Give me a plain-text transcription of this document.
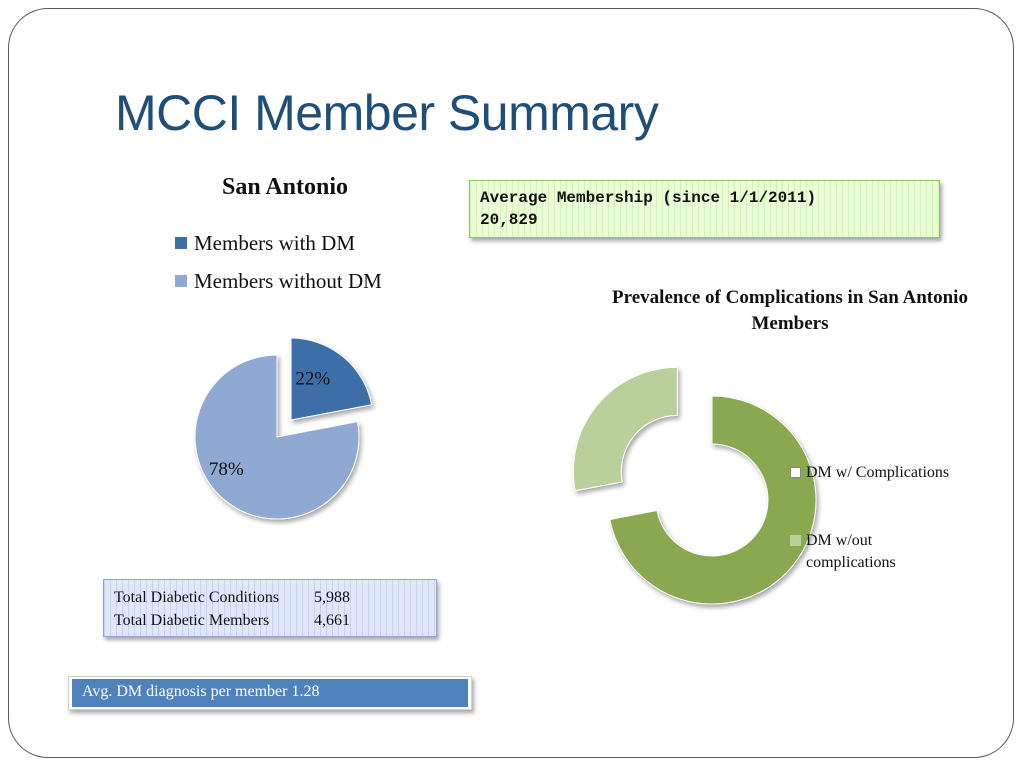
MCCI Member Summary
San Antonio
Members with DM
Members without DM
Average Membership (since 1/1/2011)
20,829
Prevalence of Complications in San Antonio Members
22%
78%	DM w/ Complications
DM w/out complications
Total Diabetic Conditions	5,988
Total Diabetic Members	4,661
Avg. DM diagnosis per member 1.28
